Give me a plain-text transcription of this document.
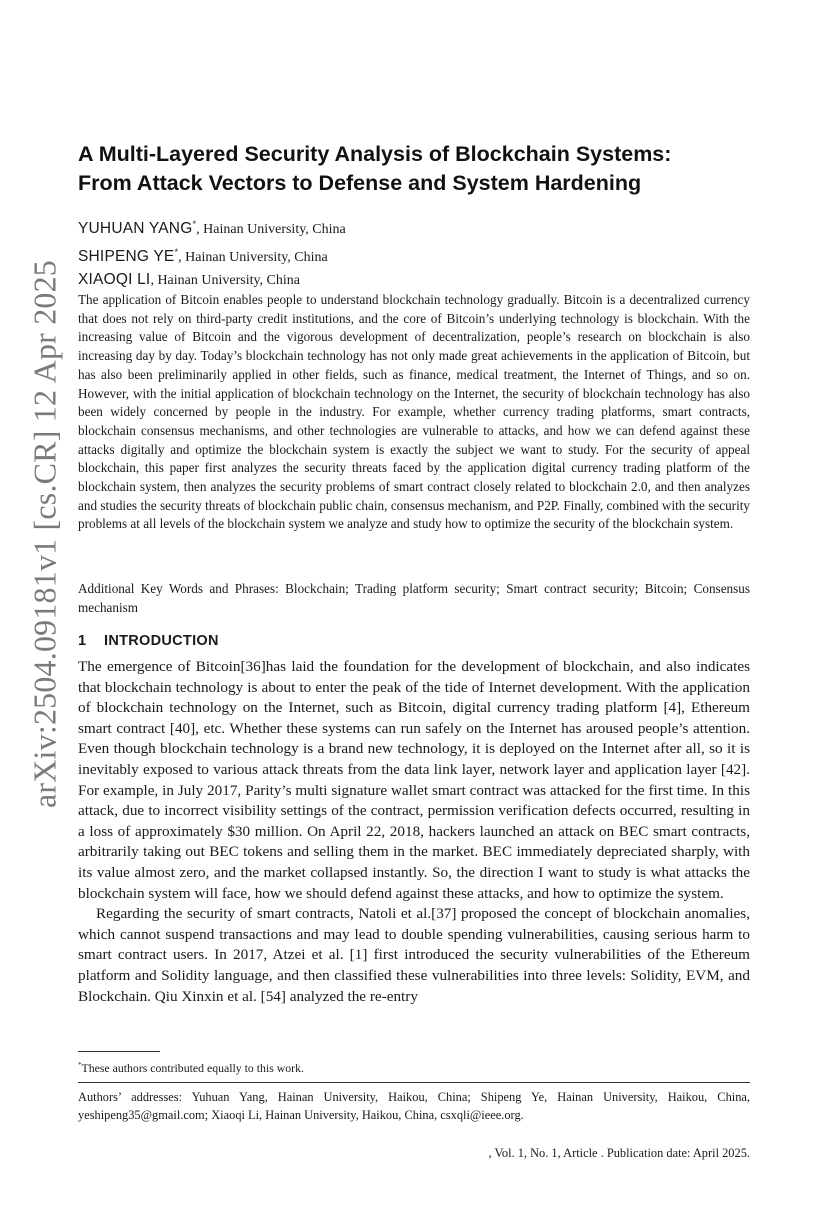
arXiv:2504.09181v1 [cs.CR] 12 Apr 2025
A Multi-Layered Security Analysis of Blockchain Systems:
From Attack Vectors to Defense and System Hardening
YUHUAN YANG*, Hainan University, China
SHIPENG YE*, Hainan University, China
XIAOQI LI, Hainan University, China

The application of Bitcoin enables people to understand blockchain technology gradually. Bitcoin is a decentralized currency that does not rely on third-party credit institutions, and the core of Bitcoin’s underlying technology is blockchain. With the increasing value of Bitcoin and the vigorous development of decentralization, people’s research on blockchain is also increasing day by day. Today’s blockchain technology has not only made great achievements in the application of Bitcoin, but has also been preliminarily applied in other fields, such as finance, medical treatment, the Internet of Things, and so on. However, with the initial application of blockchain technology on the Internet, the security of blockchain technology has also been widely concerned by people in the industry. For example, whether currency trading platforms, smart contracts, blockchain consensus mechanisms, and other technologies are vulnerable to attacks, and how we can defend against these attacks digitally and optimize the blockchain system is exactly the subject we want to study. For the security of appeal blockchain, this paper first analyzes the security threats faced by the application digital currency trading platform of the blockchain system, then analyzes the security problems of smart contract closely related to blockchain 2.0, and then analyzes and studies the security threats of blockchain public chain, consensus mechanism, and P2P. Finally, combined with the security problems at all levels of the blockchain system we analyze and study how to optimize the security of the blockchain system.

Additional Key Words and Phrases: Blockchain; Trading platform security; Smart contract security; Bitcoin; Consensus mechanism

1 INTRODUCTION

The emergence of Bitcoin[36]has laid the foundation for the development of blockchain, and also indicates that blockchain technology is about to enter the peak of the tide of Internet development. With the application of blockchain technology on the Internet, such as Bitcoin, digital currency trading platform [4], Ethereum smart contract [40], etc. Whether these systems can run safely on the Internet has aroused people’s attention. Even though blockchain technology is a brand new technology, it is deployed on the Internet after all, so it is inevitably exposed to various attack threats from the data link layer, network layer and application layer [42]. For example, in July 2017, Parity’s multi signature wallet smart contract was attacked for the first time. In this attack, due to incorrect visibility settings of the contract, permission verification defects occurred, resulting in a loss of approximately $30 million. On April 22, 2018, hackers launched an attack on BEC smart contracts, arbitrarily taking out BEC tokens and selling them in the market. BEC immediately depreciated sharply, with its value almost zero, and the market collapsed instantly. So, the direction I want to study is what attacks the blockchain system will face, how we should defend against these attacks, and how to optimize the system.

Regarding the security of smart contracts, Natoli et al.[37] proposed the concept of blockchain anomalies, which cannot suspend transactions and may lead to double spending vulnerabilities, causing serious harm to smart contract users. In 2017, Atzei et al. [1] first introduced the security vulnerabilities of the Ethereum platform and Solidity language, and then classified these vulnerabilities into three levels: Solidity, EVM, and Blockchain. Qiu Xinxin et al. [54] analyzed the re-entry

*These authors contributed equally to this work.

Authors’ addresses: Yuhuan Yang, Hainan University, Haikou, China; Shipeng Ye, Hainan University, Haikou, China, yeshipeng35@gmail.com; Xiaoqi Li, Hainan University, Haikou, China, csxqli@ieee.org.

, Vol. 1, No. 1, Article . Publication date: April 2025.
